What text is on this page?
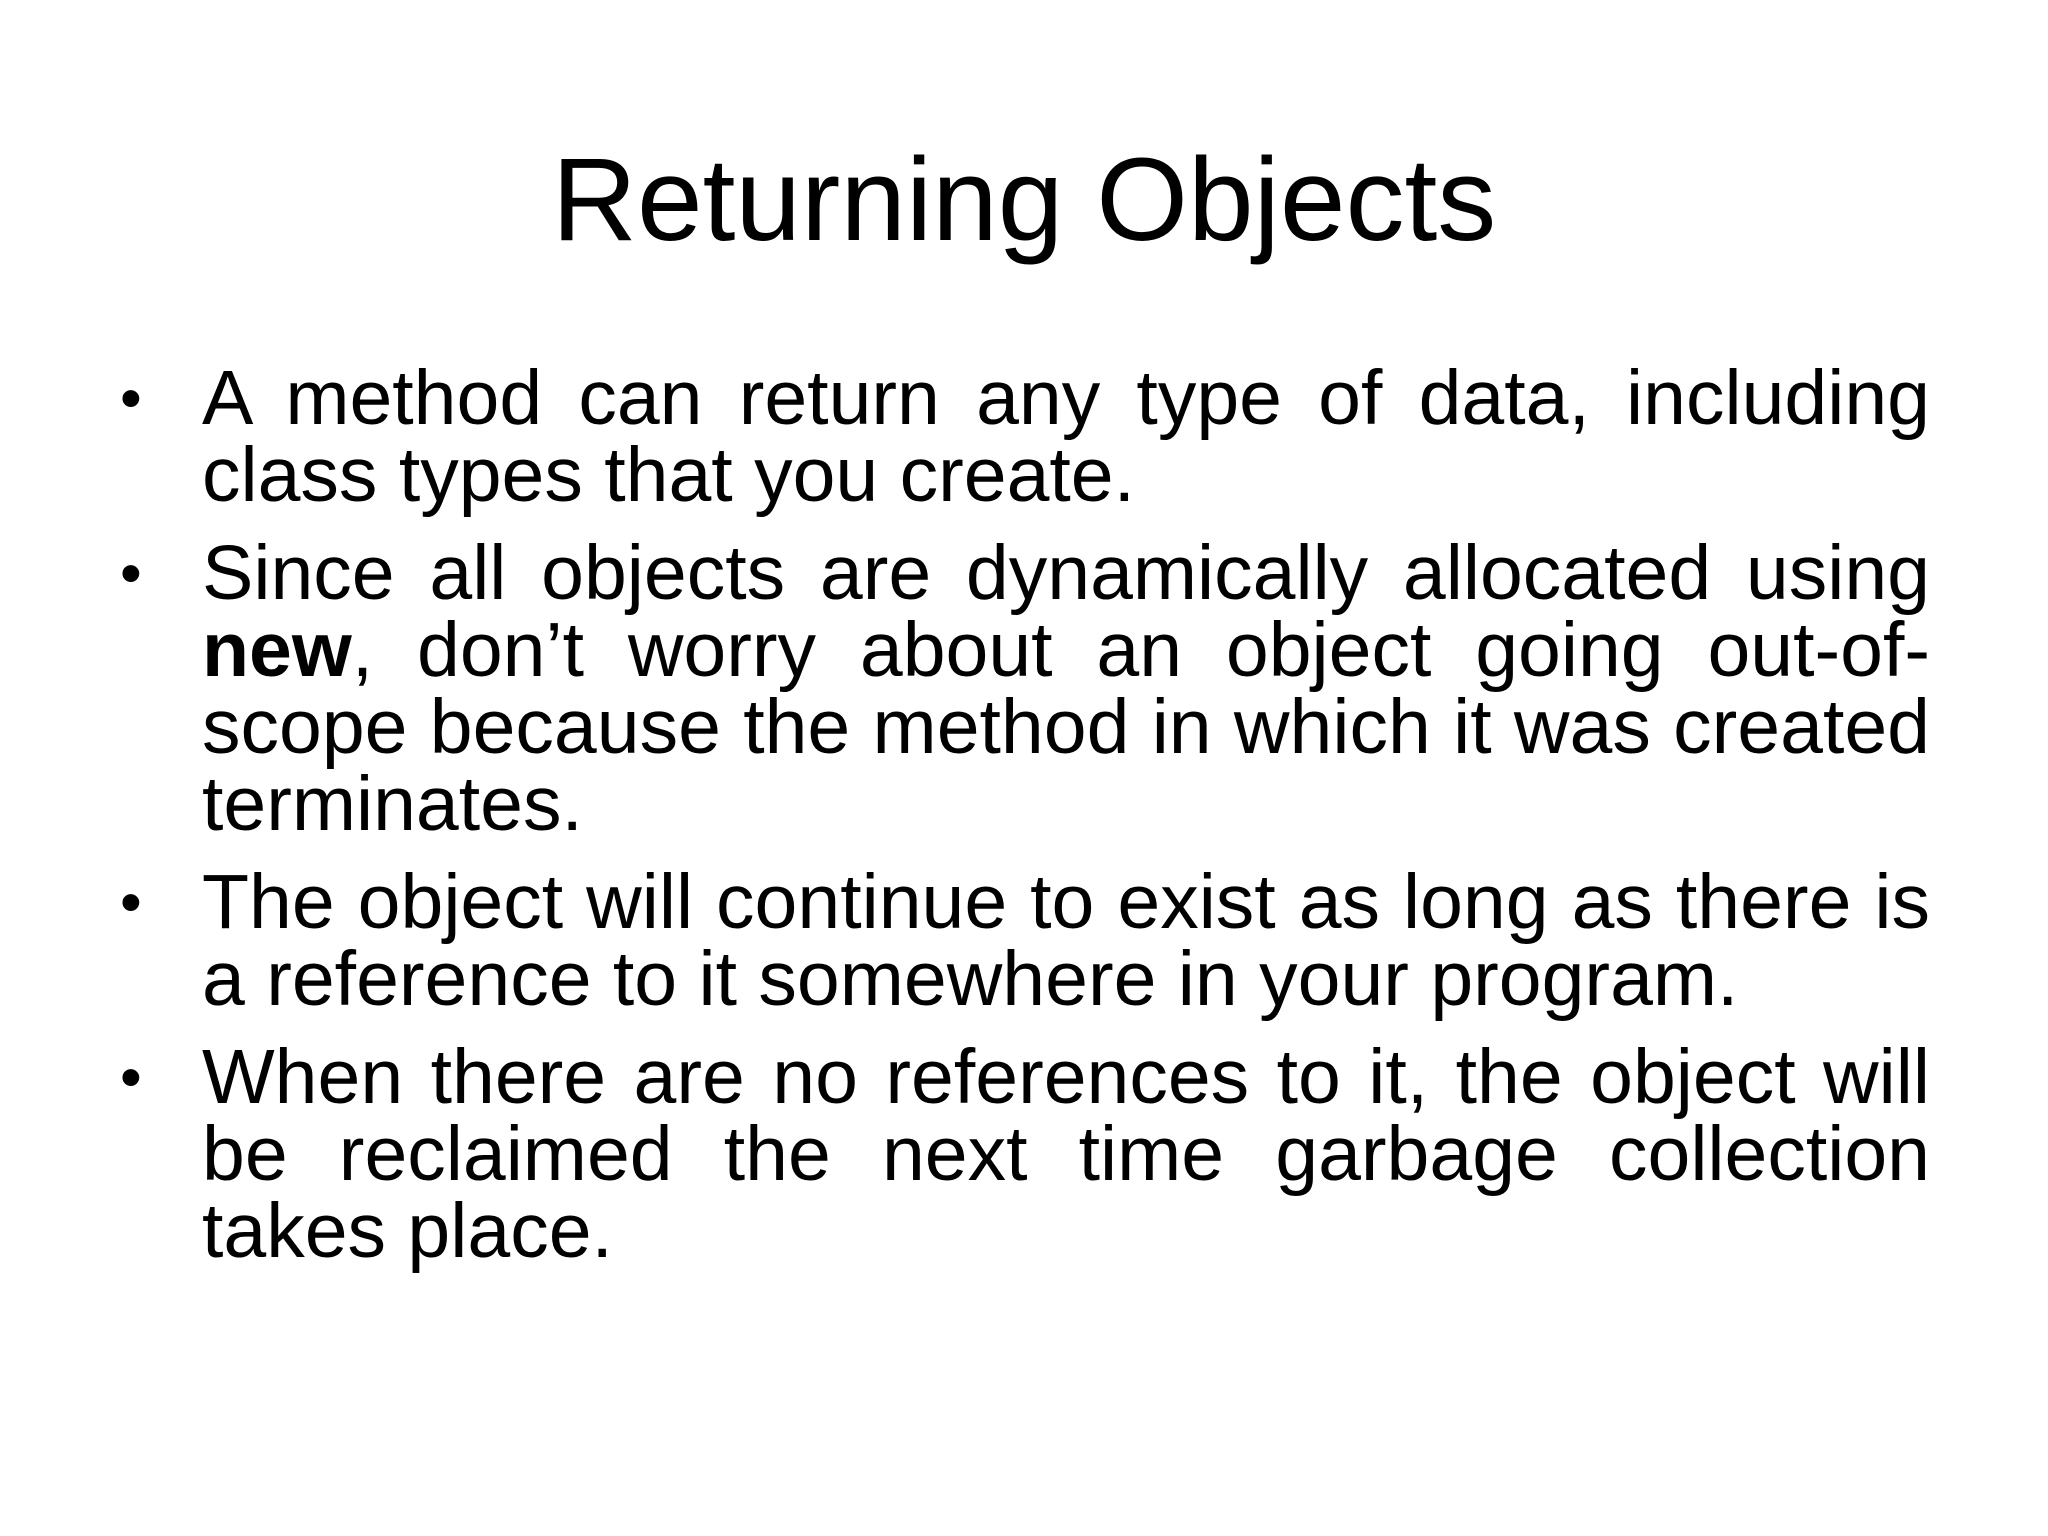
Returning Objects
• A method can return any type of data, including class types that you create.
• Since all objects are dynamically allocated using new, don’t worry about an object going out-of-scope because the method in which it was created terminates.
• The object will continue to exist as long as there is a reference to it somewhere in your program.
• When there are no references to it, the object will be reclaimed the next time garbage collection takes place.
